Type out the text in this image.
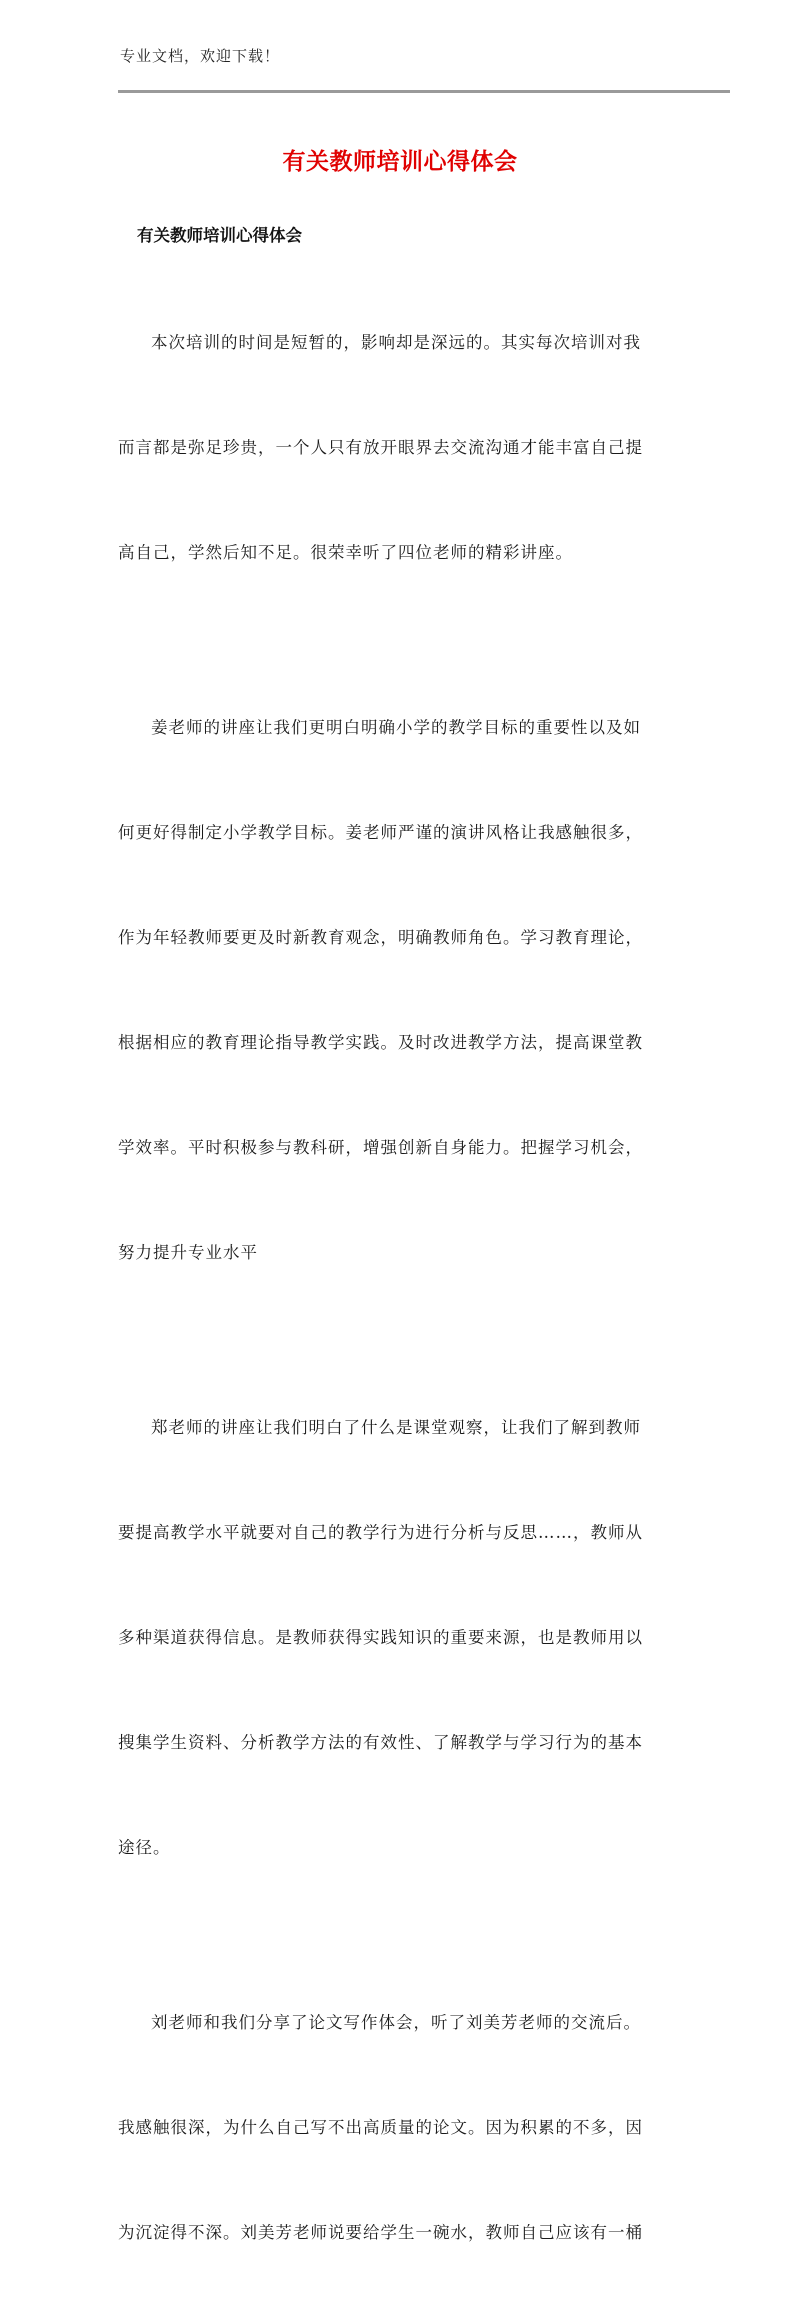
专业文档，欢迎下载！
有关教师培训心得体会
有关教师培训心得体会

本次培训的时间是短暂的，影响却是深远的。其实每次培训对我

而言都是弥足珍贵，一个人只有放开眼界去交流沟通才能丰富自己提

高自己，学然后知不足。很荣幸听了四位老师的精彩讲座。

姜老师的讲座让我们更明白明确小学的教学目标的重要性以及如

何更好得制定小学教学目标。姜老师严谨的演讲风格让我感触很多，

作为年轻教师要更及时新教育观念，明确教师角色。学习教育理论，

根据相应的教育理论指导教学实践。及时改进教学方法，提高课堂教

学效率。平时积极参与教科研，增强创新自身能力。把握学习机会，

努力提升专业水平

郑老师的讲座让我们明白了什么是课堂观察，让我们了解到教师

要提高教学水平就要对自己的教学行为进行分析与反思……，教师从

多种渠道获得信息。是教师获得实践知识的重要来源，也是教师用以

搜集学生资料、分析教学方法的有效性、了解教学与学习行为的基本

途径。

刘老师和我们分享了论文写作体会，听了刘美芳老师的交流后。

我感触很深，为什么自己写不出高质量的论文。因为积累的不多，因

为沉淀得不深。刘美芳老师说要给学生一碗水，教师自己应该有一桶
